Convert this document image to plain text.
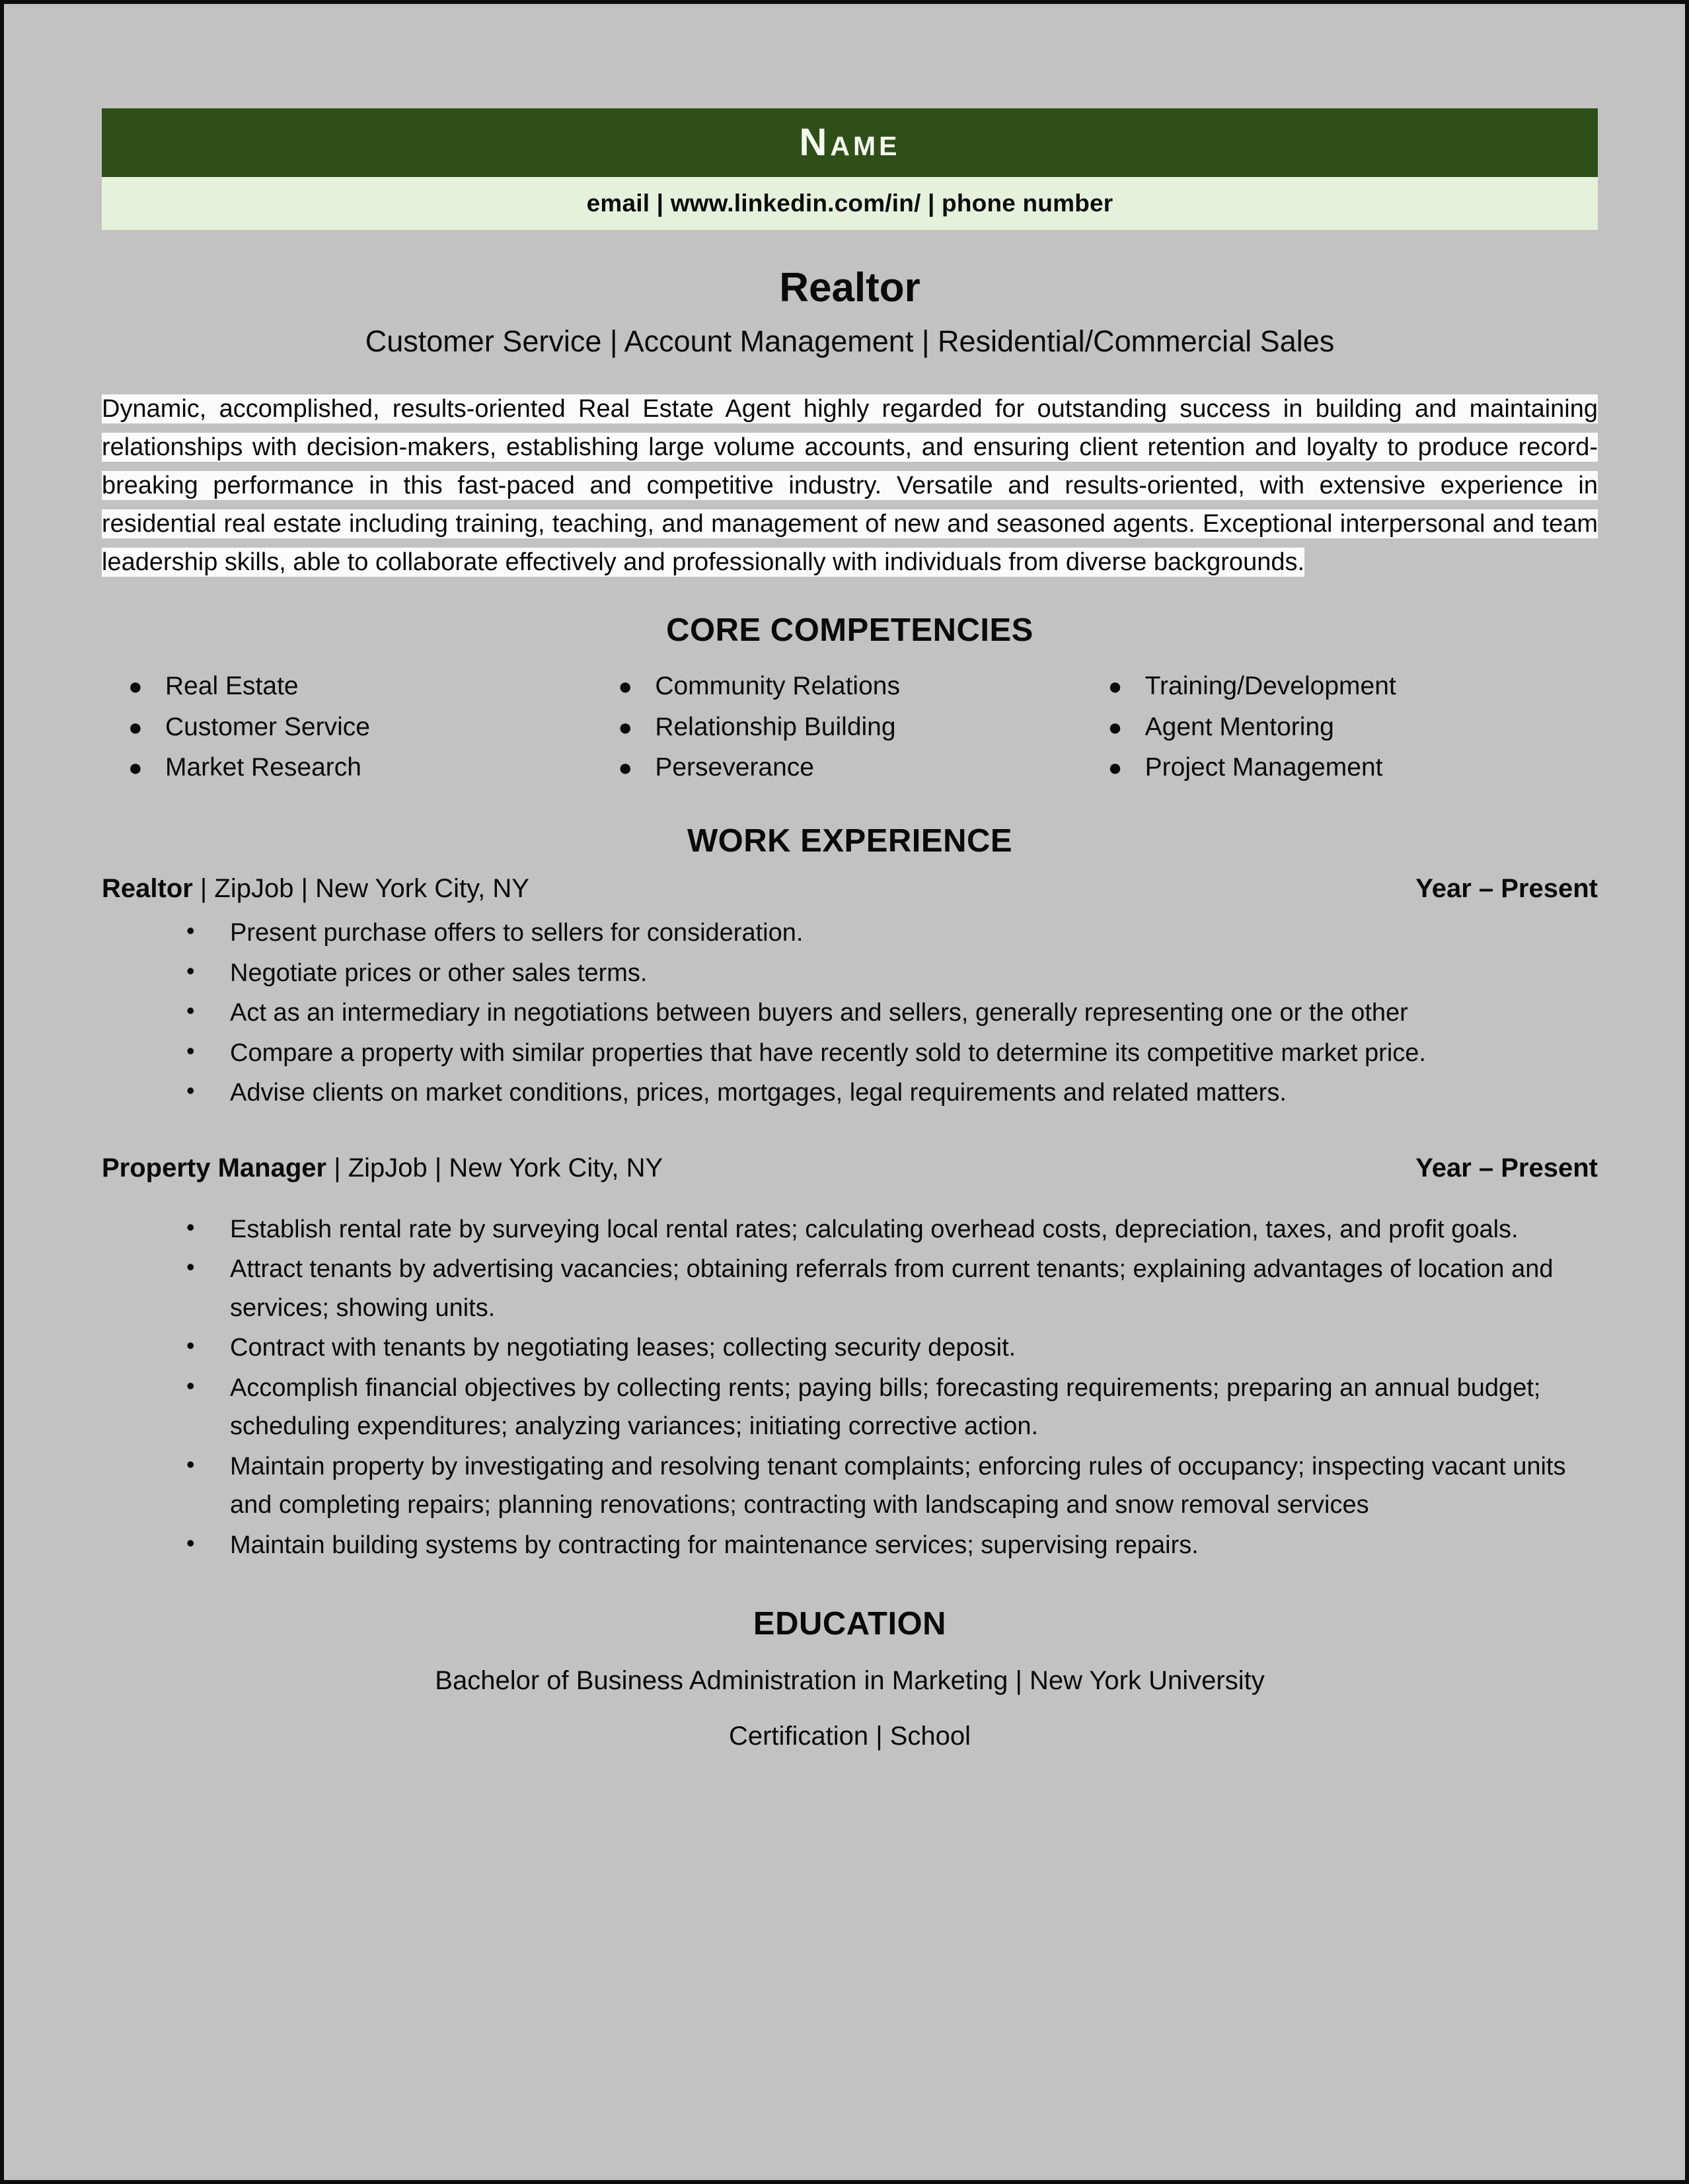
Name
email | www.linkedin.com/in/ | phone number
Realtor
Customer Service | Account Management | Residential/Commercial Sales

Dynamic, accomplished, results-oriented Real Estate Agent highly regarded for outstanding success in building and maintaining relationships with decision-makers, establishing large volume accounts, and ensuring client retention and loyalty to produce record-breaking performance in this fast-paced and competitive industry. Versatile and results-oriented, with extensive experience in residential real estate including training, teaching, and management of new and seasoned agents. Exceptional interpersonal and team leadership skills, able to collaborate effectively and professionally with individuals from diverse backgrounds.

CORE COMPETENCIES
● Real Estate
● Customer Service
● Market Research
● Community Relations
● Relationship Building
● Perseverance
● Training/Development
● Agent Mentoring
● Project Management
WORK EXPERIENCE
Realtor | ZipJob | New York City, NY	Year – Present
• Present purchase offers to sellers for consideration.
• Negotiate prices or other sales terms.
• Act as an intermediary in negotiations between buyers and sellers, generally representing one or the other
• Compare a property with similar properties that have recently sold to determine its competitive market price.
• Advise clients on market conditions, prices, mortgages, legal requirements and related matters.
Property Manager | ZipJob | New York City, NY	Year – Present
• Establish rental rate by surveying local rental rates; calculating overhead costs, depreciation, taxes, and profit goals.
• Attract tenants by advertising vacancies; obtaining referrals from current tenants; explaining advantages of location and services; showing units.
• Contract with tenants by negotiating leases; collecting security deposit.
• Accomplish financial objectives by collecting rents; paying bills; forecasting requirements; preparing an annual budget; scheduling expenditures; analyzing variances; initiating corrective action.
• Maintain property by investigating and resolving tenant complaints; enforcing rules of occupancy; inspecting vacant units and completing repairs; planning renovations; contracting with landscaping and snow removal services
• Maintain building systems by contracting for maintenance services; supervising repairs.
EDUCATION
Bachelor of Business Administration in Marketing | New York University
Certification | School
